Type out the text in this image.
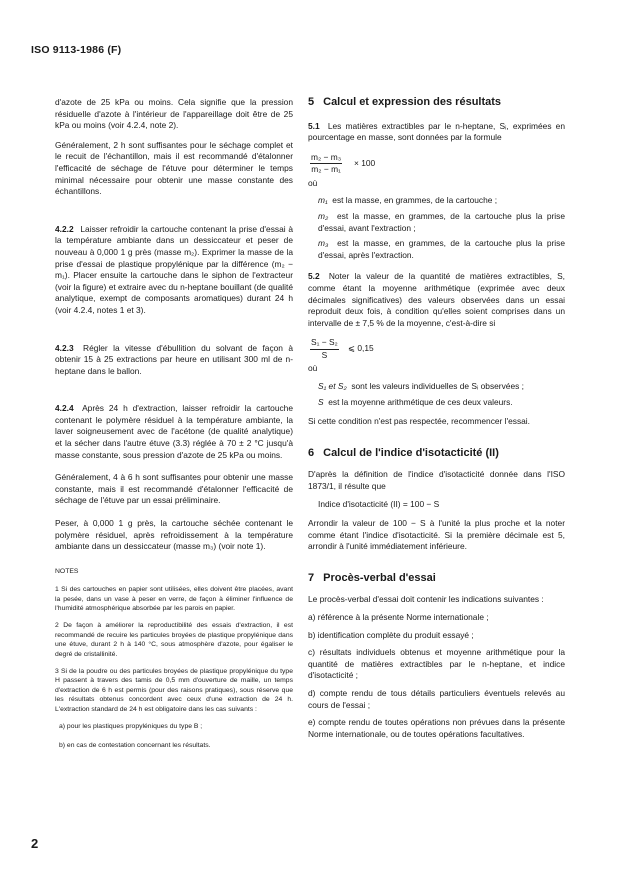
ISO 9113-1986 (F)

d'azote de 25 kPa ou moins. Cela signifie que la pression résiduelle d'azote à l'intérieur de l'appareillage doit être de 25 kPa ou moins (voir 4.2.4, note 2).

Généralement, 2 h sont suffisantes pour le séchage complet et le recuit de l'échantillon, mais il est recommandé d'étalonner l'efficacité de séchage de l'étuve pour déterminer le temps minimal nécessaire pour obtenir une masse constante des échantillons.

4.2.2 Laisser refroidir la cartouche contenant la prise d'essai à la température ambiante dans un dessiccateur et peser de nouveau à 0,000 1 g près (masse m₂). Exprimer la masse de la prise d'essai de plastique propylénique par la différence (m₂ − m₁). Placer ensuite la cartouche dans le siphon de l'extracteur (voir la figure) et extraire avec du n-heptane bouillant (de qualité analytique, exempt de composants aromatiques) durant 24 h (voir 4.2.4, notes 1 et 3).

4.2.3 Régler la vitesse d'ébullition du solvant de façon à obtenir 15 à 25 extractions par heure en utilisant 300 ml de n-heptane dans le ballon.

4.2.4 Après 24 h d'extraction, laisser refroidir la cartouche contenant le polymère résiduel à la température ambiante, la laver soigneusement avec de l'acétone (de qualité analytique) et la sécher dans l'autre étuve (3.3) réglée à 70 ± 2 °C jusqu'à masse constante, sous pression d'azote de 25 kPa ou moins.

Généralement, 4 à 6 h sont suffisantes pour obtenir une masse constante, mais il est recommandé d'étalonner l'efficacité de séchage de l'étuve par un essai préliminaire.

Peser, à 0,000 1 g près, la cartouche séchée contenant le polymère résiduel, après refroidissement à la température ambiante dans un dessiccateur (masse m₃) (voir note 1).

NOTES

1 Si des cartouches en papier sont utilisées, elles doivent être placées, avant la pesée, dans un vase à peser en verre, de façon à éliminer l'influence de l'humidité atmosphérique absorbée par les parois en papier.

2 De façon à améliorer la reproductibilité des essais d'extraction, il est recommandé de recuire les particules broyées de plastique propylénique dans une étuve, durant 2 h à 140 °C, sous atmosphère d'azote, pour égaliser le degré de cristallinité.

3 Si de la poudre ou des particules broyées de plastique propylénique du type H passent à travers des tamis de 0,5 mm d'ouverture de maille, un temps d'extraction de 6 h est permis (pour des raisons pratiques), sous réserve que les résultats obtenus concordent avec ceux d'une extraction de 24 h. L'extraction standard de 24 h est obligatoire dans les cas suivants :

a) pour les plastiques propyléniques du type B ;

b) en cas de contestation concernant les résultats.

5 Calcul et expression des résultats

5.1 Les matières extractibles par le n-heptane, Sᵢ, exprimées en pourcentage en masse, sont données par la formule

$\frac{\text{m₂ − m₃}}{\text{m₂ − m₁}} \times 100$

où

m₁ est la masse, en grammes, de la cartouche ;

m₂ est la masse, en grammes, de la cartouche plus la prise d'essai, avant l'extraction ;

m₃ est la masse, en grammes, de la cartouche plus la prise d'essai, après l'extraction.

5.2 Noter la valeur de la quantité de matières extractibles, S, comme étant la moyenne arithmétique (exprimée avec deux décimales significatives) des valeurs observées dans un essai reproduit deux fois, à condition qu'elles soient comprises dans un intervalle de ± 7,5 % de la moyenne, c'est-à-dire si

$\frac{\text{S₁ − S₂}}{S}$ ⩽ 0,15

où

S₁ et S₂ sont les valeurs individuelles de Sᵢ observées ;

S est la moyenne arithmétique de ces deux valeurs.

Si cette condition n'est pas respectée, recommencer l'essai.

6 Calcul de l'indice d'isotacticité (II)

D'après la définition de l'indice d'isotacticité donnée dans l'ISO 1873/1, il résulte que

Indice d'isotacticité (II) = 100 − S

Arrondir la valeur de 100 − S à l'unité la plus proche et la noter comme étant l'indice d'isotacticité. Si la première décimale est 5, arrondir à l'unité immédiatement inférieure.

7 Procès-verbal d'essai

Le procès-verbal d'essai doit contenir les indications suivantes :

a) référence à la présente Norme internationale ;

b) identification complète du produit essayé ;

c) résultats individuels obtenus et moyenne arithmétique pour la quantité de matières extractibles par le n-heptane, et indice d'isotacticité ;

d) compte rendu de tous détails particuliers éventuels relevés au cours de l'essai ;

e) compte rendu de toutes opérations non prévues dans la présente Norme internationale, ou de toutes opérations facultatives.

2
